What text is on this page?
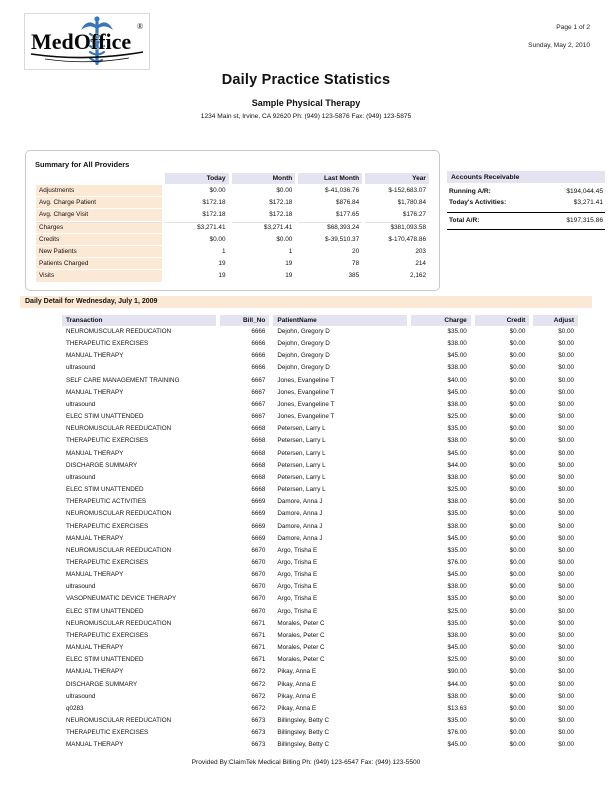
MedOffice
®	Page 1 of 2
Sunday, May 2, 2010
Daily Practice Statistics
Sample Physical Therapy
1234 Main st, Irvine, CA 92620 Ph: (949) 123-5876 Fax: (949) 123-5875
Summary for All Providers
	Today	Month	Last Month	Year
Adjustments	$0.00	$0.00	$-41,036.76	$-152,683.07
Avg. Charge Patient	$172.18	$172.18	$876.84	$1,780.84
Avg. Charge Visit	$172.18	$172.18	$177.65	$176.27
Charges	$3,271.41	$3,271.41	$68,393.24	$381,093.58
Credits	$0.00	$0.00	$-39,510.37	$-170,478.86
New Patients	1	1	20	203
Patients Charged	19	19	78	214
Visits	19	19	385	2,162
Accounts Receivable
Running A/R:	$194,044.45
Today's Activities:	$3,271.41
Total A/R:	$197,315.86
Daily Detail for Wednesday, July 1, 2009
Transaction	Bill_No	PatientName	Charge	Credit	Adjust
NEUROMUSCULAR REEDUCATION	6666	Dejohn, Gregory D	$35.00	$0.00	$0.00
THERAPEUTIC EXERCISES	6666	Dejohn, Gregory D	$38.00	$0.00	$0.00
MANUAL THERAPY	6666	Dejohn, Gregory D	$45.00	$0.00	$0.00
ultrasound	6666	Dejohn, Gregory D	$38.00	$0.00	$0.00
SELF CARE MANAGEMENT TRAINING	6667	Jones, Evangeline T	$40.00	$0.00	$0.00
MANUAL THERAPY	6667	Jones, Evangeline T	$45.00	$0.00	$0.00
ultrasound	6667	Jones, Evangeline T	$38.00	$0.00	$0.00
ELEC STIM UNATTENDED	6667	Jones, Evangeline T	$25.00	$0.00	$0.00
NEUROMUSCULAR REEDUCATION	6668	Petersen, Larry L	$35.00	$0.00	$0.00
THERAPEUTIC EXERCISES	6668	Petersen, Larry L	$38.00	$0.00	$0.00
MANUAL THERAPY	6668	Petersen, Larry L	$45.00	$0.00	$0.00
DISCHARGE SUMMARY	6668	Petersen, Larry L	$44.00	$0.00	$0.00
ultrasound	6668	Petersen, Larry L	$38.00	$0.00	$0.00
ELEC STIM UNATTENDED	6668	Petersen, Larry L	$25.00	$0.00	$0.00
THERAPEUTIC ACTIVITIES	6669	Damore, Anna J	$38.00	$0.00	$0.00
NEUROMUSCULAR REEDUCATION	6669	Damore, Anna J	$35.00	$0.00	$0.00
THERAPEUTIC EXERCISES	6669	Damore, Anna J	$38.00	$0.00	$0.00
MANUAL THERAPY	6669	Damore, Anna J	$45.00	$0.00	$0.00
NEUROMUSCULAR REEDUCATION	6670	Argo, Trisha E	$35.00	$0.00	$0.00
THERAPEUTIC EXERCISES	6670	Argo, Trisha E	$76.00	$0.00	$0.00
MANUAL THERAPY	6670	Argo, Trisha E	$45.00	$0.00	$0.00
ultrasound	6670	Argo, Trisha E	$38.00	$0.00	$0.00
VASOPNEUMATIC DEVICE THERAPY	6670	Argo, Trisha E	$35.00	$0.00	$0.00
ELEC STIM UNATTENDED	6670	Argo, Trisha E	$25.00	$0.00	$0.00
NEUROMUSCULAR REEDUCATION	6671	Morales, Peter C	$35.00	$0.00	$0.00
THERAPEUTIC EXERCISES	6671	Morales, Peter C	$38.00	$0.00	$0.00
MANUAL THERAPY	6671	Morales, Peter C	$45.00	$0.00	$0.00
ELEC STIM UNATTENDED	6671	Morales, Peter C	$25.00	$0.00	$0.00
MANUAL THERAPY	6672	Pikay, Anna E	$90.00	$0.00	$0.00
DISCHARGE SUMMARY	6672	Pikay, Anna E	$44.00	$0.00	$0.00
ultrasound	6672	Pikay, Anna E	$38.00	$0.00	$0.00
q0283	6672	Pikay, Anna E	$13.63	$0.00	$0.00
NEUROMUSCULAR REEDUCATION	6673	Billingsley, Betty C	$35.00	$0.00	$0.00
THERAPEUTIC EXERCISES	6673	Billingsley, Betty C	$76.00	$0.00	$0.00
MANUAL THERAPY	6673	Billingsley, Betty C	$45.00	$0.00	$0.00
Provided By:ClaimTek Medical Billing Ph: (949) 123-6547 Fax: (949) 123-5500
